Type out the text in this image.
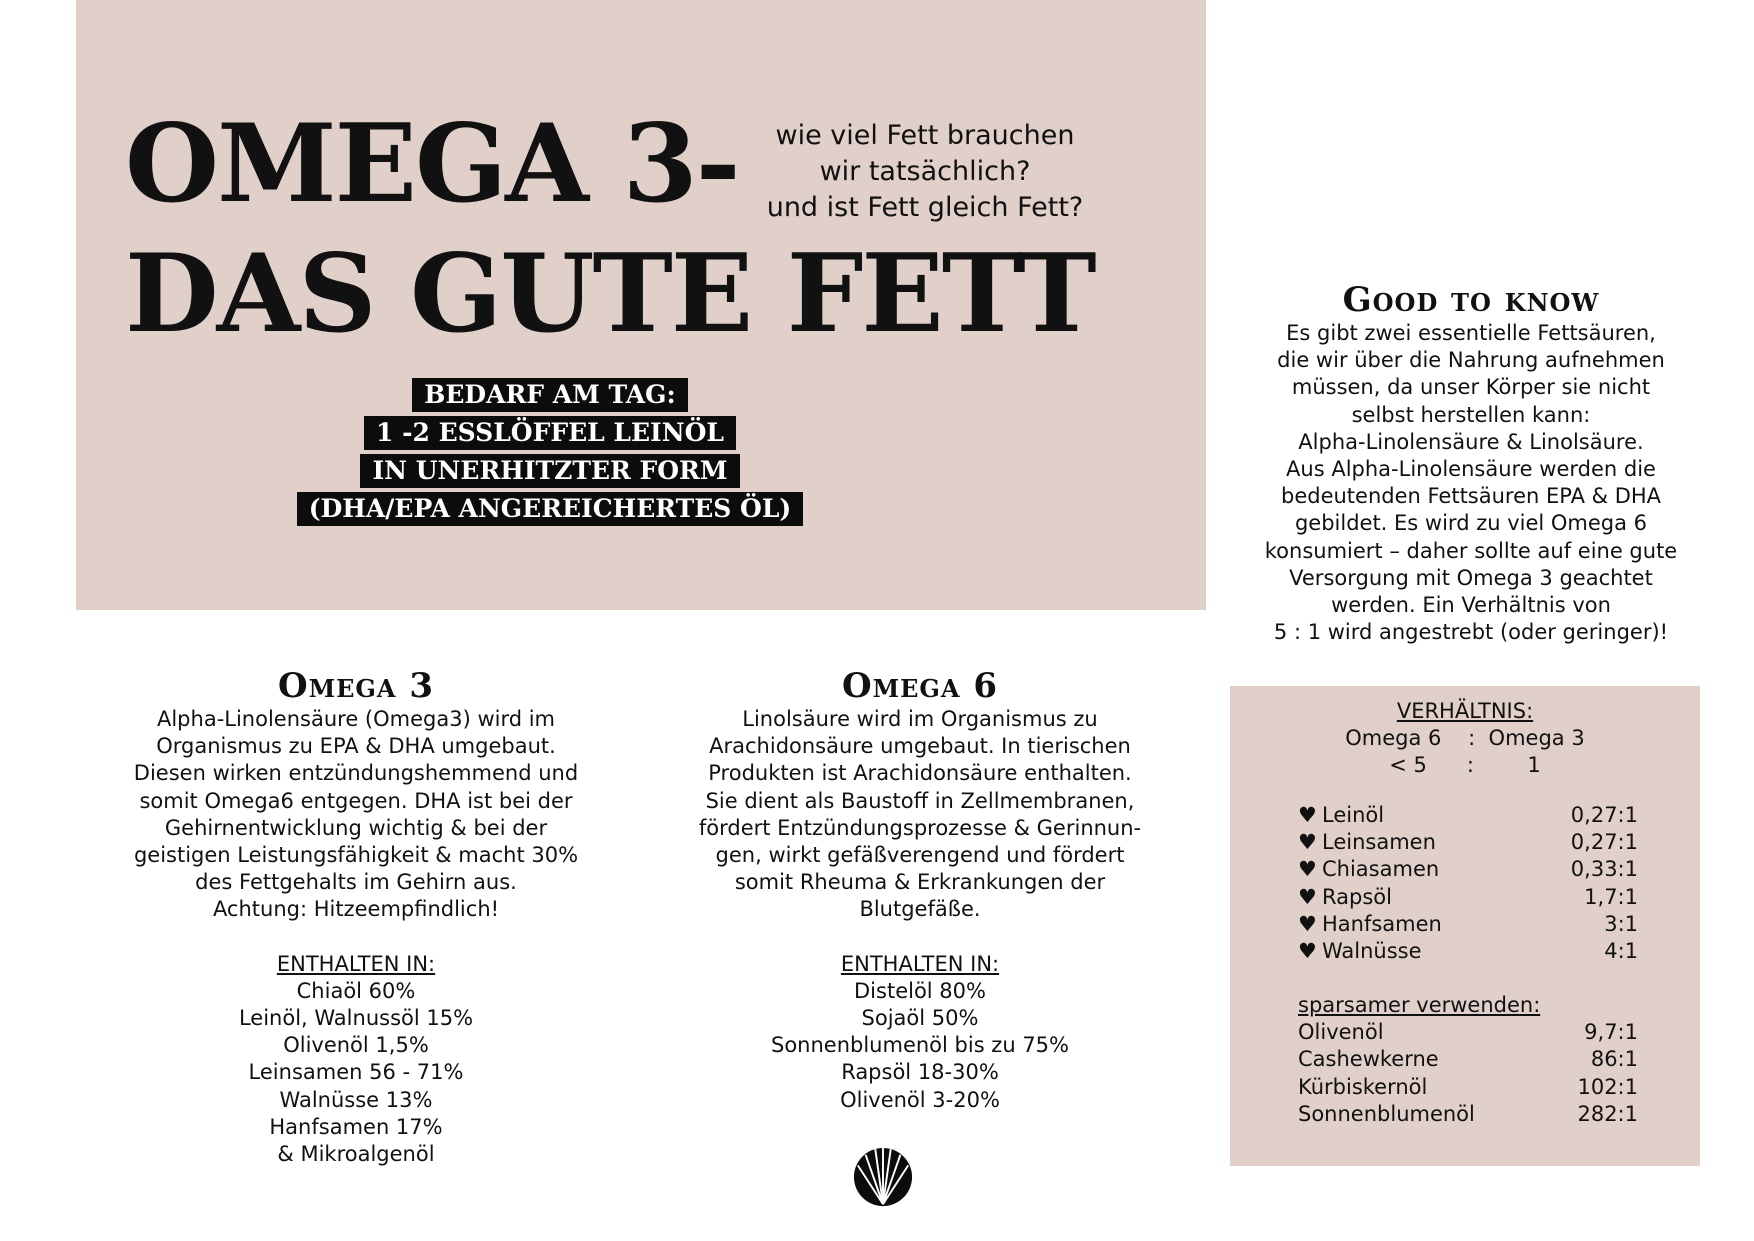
OMEGA 3-
DAS GUTE FETT
wie viel Fett brauchen
wir tatsächlich?
und ist Fett gleich Fett?
BEDARF AM TAG:
1 -2 ESSLÖFFEL LEINÖL
IN UNERHITZTER FORM
(DHA/EPA ANGEREICHERTES ÖL)
Good to know

Es gibt zwei essentielle Fettsäuren,
die wir über die Nahrung aufnehmen
müssen, da unser Körper sie nicht
selbst herstellen kann:
Alpha-Linolensäure & Linolsäure.
Aus Alpha-Linolensäure werden die
bedeutenden Fettsäuren EPA & DHA
gebildet. Es wird zu viel Omega 6
konsumiert – daher sollte auf eine gute
Versorgung mit Omega 3 geachtet
werden. Ein Verhältnis von
5 : 1 wird angestrebt (oder geringer)!

Omega 3

Alpha-Linolensäure (Omega3) wird im
Organismus zu EPA & DHA umgebaut.
Diesen wirken entzündungshemmend und
somit Omega6 entgegen. DHA ist bei der
Gehirnentwicklung wichtig & bei der
geistigen Leistungsfähigkeit & macht 30%
des Fettgehalts im Gehirn aus.
Achtung: Hitzeempfindlich!

ENTHALTEN IN:
Chiaöl 60%
Leinöl, Walnussöl 15%
Olivenöl 1,5%
Leinsamen 56 - 71%
Walnüsse 13%
Hanfsamen 17%
& Mikroalgenöl
Omega 6

Linolsäure wird im Organismus zu
Arachidonsäure umgebaut. In tierischen
Produkten ist Arachidonsäure enthalten.
Sie dient als Baustoff in Zellmembranen,
fördert Entzündungsprozesse & Gerinnun-
gen, wirkt gefäßverengend und fördert
somit Rheuma & Erkrankungen der
Blutgefäße.

ENTHALTEN IN:
Distelöl 80%
Sojaöl 50%
Sonnenblumenöl bis zu 75%
Rapsöl 18-30%
Olivenöl 3-20%
VERHÄLTNIS:
Omega 6    :  Omega 3
< 5      :        1
♥ Leinöl	0,27:1
♥ Leinsamen	0,27:1
♥ Chiasamen	0,33:1
♥ Rapsöl	1,7:1
♥ Hanfsamen	3:1
♥ Walnüsse	4:1
sparsamer verwenden:
Olivenöl	9,7:1
Cashewkerne	86:1
Kürbiskernöl	102:1
Sonnenblumenöl	282:1
